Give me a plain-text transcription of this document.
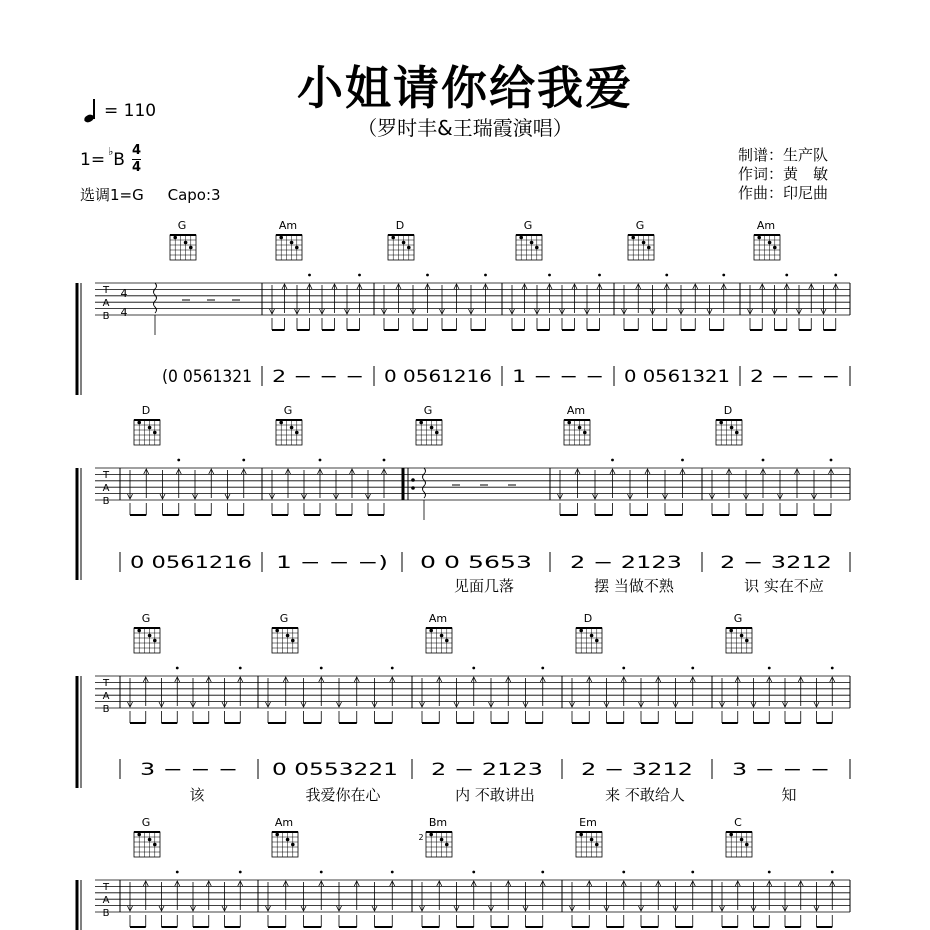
小姐请你给我爱
（罗时丰&王瑞霞演唱）
= 110
1= ♭B 4
4
选调1=G Capo:3
制谱：生产队
作词：黄　敏
作曲：印尼曲
T
A
B
4
4
G	Am	D	G	G	Am
(0 0561321 2 − − − 0 0561216 1 − − − 0 0561321 2 − − −
T
A
B
D	G	G	Am	D
0 0561216 1 − − −) 0 0 5653
见面几落
2 − 2123
摆 当做不熟
2 − 3212
识 实在不应
T
A
B
G	G	Am	D	G
3 − − −
该
0 0553221
我爱你在心
2 − 2123
内 不敢讲出
2 − 3212
来 不敢给人
3 − − −
知
T
A
B
G	Am	Bm
2
Em	C
